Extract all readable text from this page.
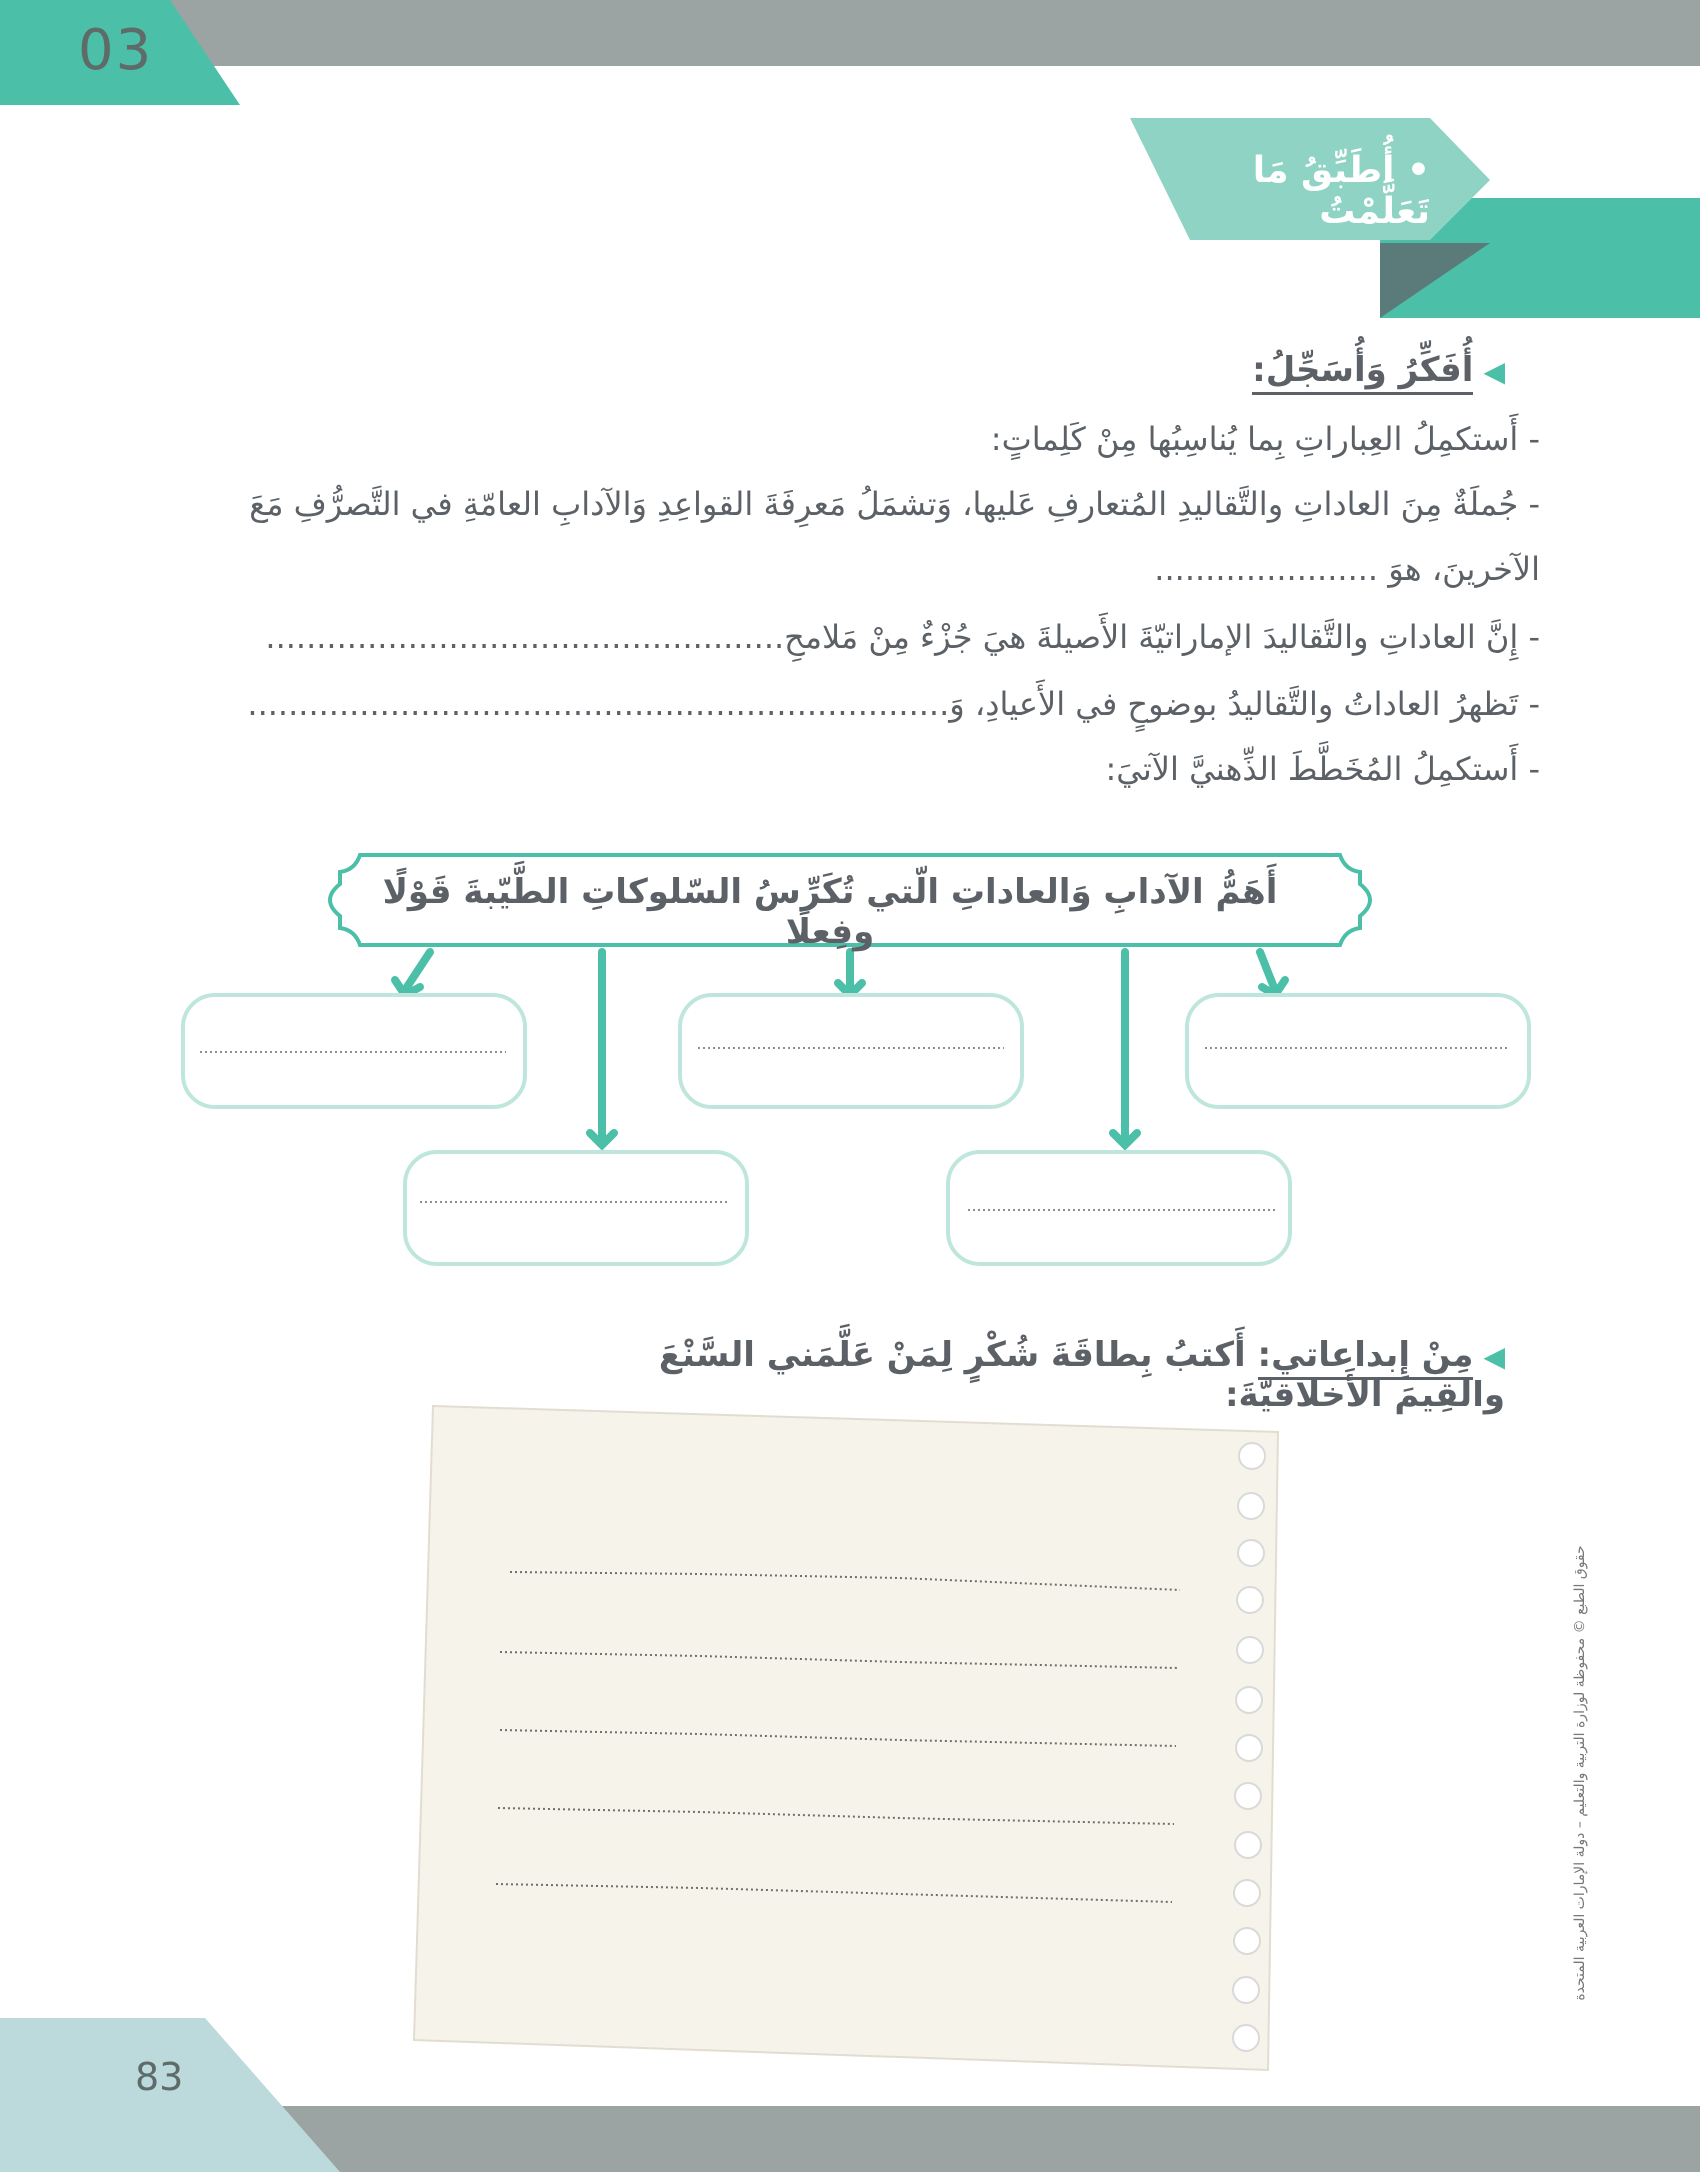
03
• أُطَبِّقُ مَا تَعَلَّمْتُ
◀أُفَكِّرُ وَأُسَجِّلُ:
- أَستكمِلُ العِباراتِ بِما يُناسِبُها مِنْ كَلِماتٍ:
- جُملَةٌ مِنَ العاداتِ والتَّقاليدِ المُتعارفِ عَليها، وَتشمَلُ مَعرِفَةَ القواعِدِ وَالآدابِ العامّةِ في التَّصرُّفِ مَعَ
الآخرينَ، هوَ ......................
- إِنَّ العاداتِ والتَّقاليدَ الإماراتيّةَ الأَصيلةَ هيَ جُزْءٌ مِنْ مَلامحِ...................................................
- تَظهرُ العاداتُ والتَّقاليدُ بوضوحٍ في الأَعيادِ، وَ.....................................................................
- أَستكمِلُ المُخَطَّطَ الذِّهنيَّ الآتيَ:
أَهَمُّ الآدابِ وَالعاداتِ الّتي تُكَرِّسُ السّلوكاتِ الطَّيّبةَ قَوْلًا وفِعلًا
◀مِنْ إِبداعاتي: أَكتبُ بِطاقَةَ شُكْرٍ لِمَنْ عَلَّمَني السَّنْعَ والقِيمَ الأَخلاقيّةَ:
حقوق الطبع © محفوظة لوزارة التربية والتعليم – دولة الإمارات العربية المتحدة
83
